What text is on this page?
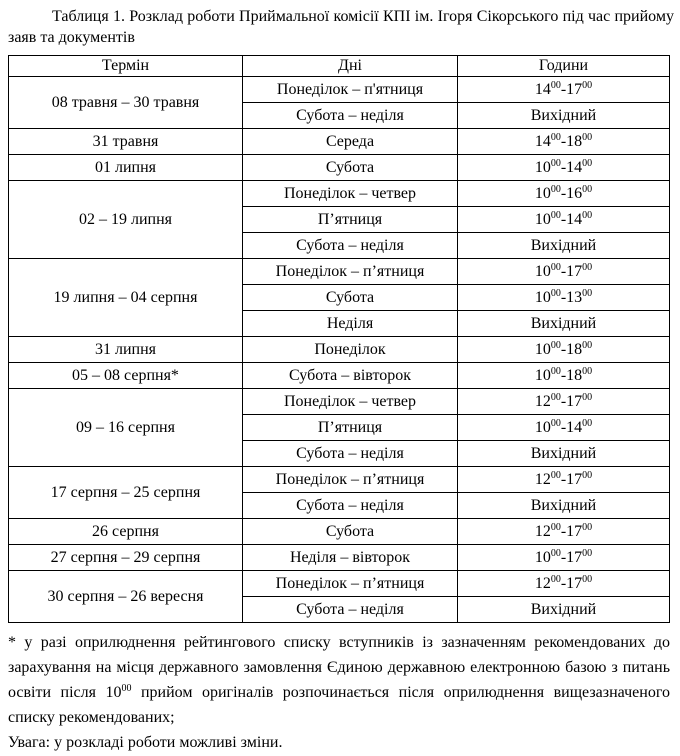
Таблиця 1. Розклад роботи Приймальної комісії КПІ ім. Ігоря Сікорського під час прийому заяв та документів
Термін	Дні	Години
08 травня – 30 травня	Понеділок – п'ятниця	$14^{00}-17^{00}$
	Субота – неділя	Вихідний
31 травня	Середа	$14^{00}-18^{00}$
01 липня	Субота	$10^{00}-14^{00}$
02 – 19 липня	Понеділок – четвер	$10^{00}-16^{00}$
	П’ятниця	$10^{00}-14^{00}$
	Субота – неділя	Вихідний
19 липня – 04 серпня	Понеділок – п’ятниця	$10^{00}-17^{00}$
	Субота	$10^{00}-13^{00}$
	Неділя	Вихідний
31 липня	Понеділок	$10^{00}-18^{00}$
05 – 08 серпня*	Субота – вівторок	$10^{00}-18^{00}$
09 – 16 серпня	Понеділок – четвер	$12^{00}-17^{00}$
	П’ятниця	$10^{00}-14^{00}$
	Субота – неділя	Вихідний
17 серпня – 25 серпня	Понеділок – п’ятниця	$12^{00}-17^{00}$
	Субота – неділя	Вихідний
26 серпня	Субота	$12^{00}-17^{00}$
27 серпня – 29 серпня	Неділя – вівторок	$10^{00}-17^{00}$
30 серпня – 26 вересня	Понеділок – п’ятниця	$12^{00}-17^{00}$
	Субота – неділя	Вихідний

* у разі оприлюднення рейтингового списку вступників із зазначенням рекомендованих до зарахування на місця державного замовлення Єдиною державною електронною базою з питань освіти після $10^{00}$ прийом оригіналів розпочинається після оприлюднення вищезазначеного списку рекомендованих;

Увага: у розкладі роботи можливі зміни.
